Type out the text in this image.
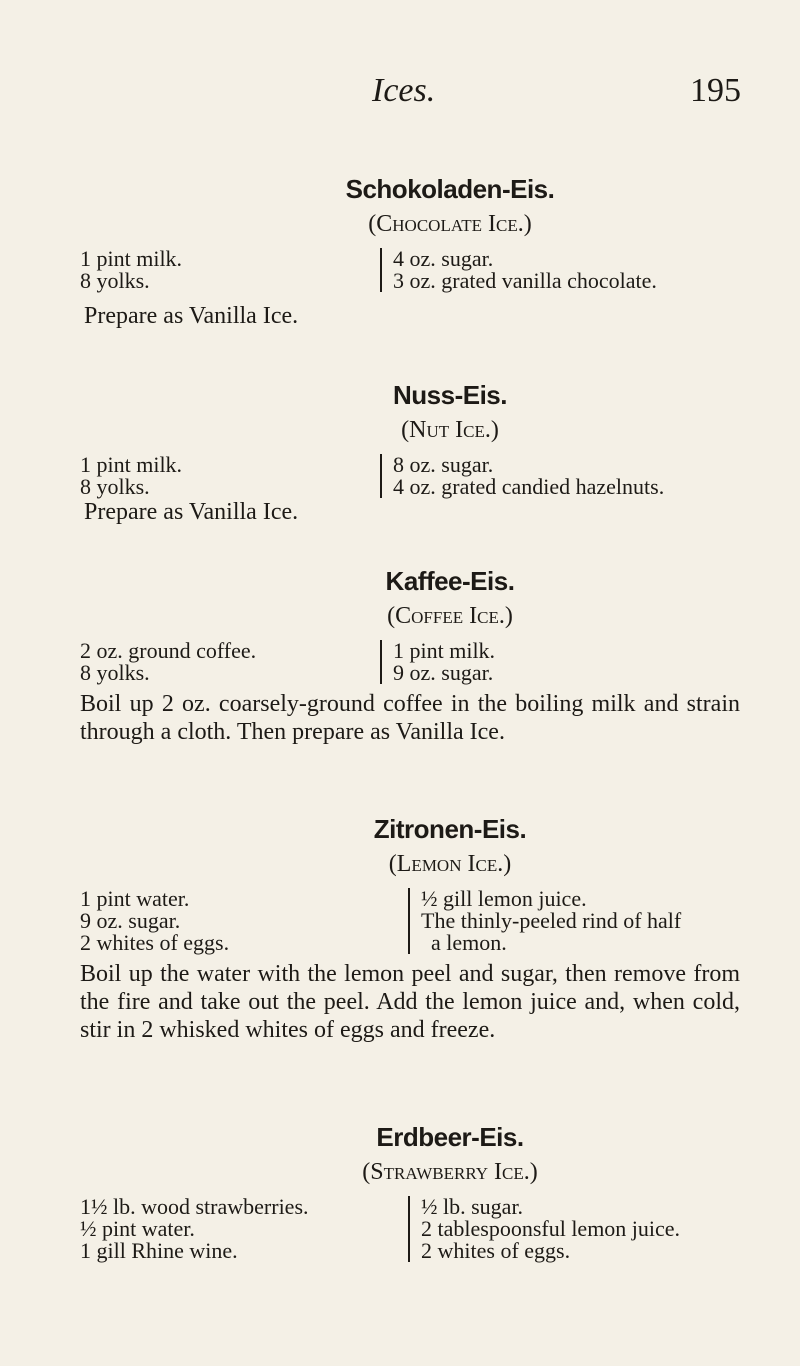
Ices.	195
Schokoladen-Eis.
(Chocolate Ice.)
1 pint milk.
8 yolks.
4 oz. sugar.
3 oz. grated vanilla chocolate.
Prepare as Vanilla Ice.
Nuss-Eis.
(Nut Ice.)
1 pint milk.
8 yolks.
8 oz. sugar.
4 oz. grated candied hazelnuts.
Prepare as Vanilla Ice.
Kaffee-Eis.
(Coffee Ice.)
2 oz. ground coffee.
8 yolks.
1 pint milk.
9 oz. sugar.
Boil up 2 oz. coarsely-ground coffee in the boiling milk and strain through a cloth. Then prepare as Vanilla Ice.
Zitronen-Eis.
(Lemon Ice.)
1 pint water.
9 oz. sugar.
2 whites of eggs.
½ gill lemon juice.
The thinly-peeled rind of half
a lemon.
Boil up the water with the lemon peel and sugar, then remove from the fire and take out the peel. Add the lemon juice and, when cold, stir in 2 whisked whites of eggs and freeze.
Erdbeer-Eis.
(Strawberry Ice.)
1½ lb. wood strawberries.
½ pint water.
1 gill Rhine wine.
½ lb. sugar.
2 tablespoonsful lemon juice.
2 whites of eggs.
